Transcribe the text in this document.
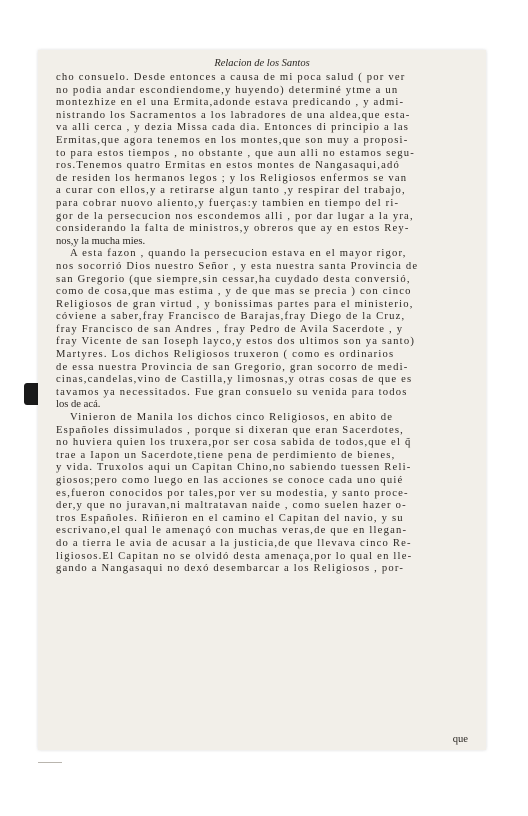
Relacion de los Santos
cho consuelo. Desde entonces a causa de mi poca salud ( por ver
no podia andar escondiendome,y huyendo) determiné ytme a un
montezhize en el una Ermita,adonde estava predicando , y admi-
nistrando los Sacramentos a los labradores de una aldea,que esta-
va alli cerca , y dezia Missa cada dia. Entonces di principio a las
Ermitas,que agora tenemos en los montes,que son muy a proposi-
to para estos tiempos , no obstante , que aun alli no estamos segu-
ros.Tenemos quatro Ermitas en estos montes de Nangasaqui,adó
de residen los hermanos legos ; y los Religiosos enfermos se van
a curar con ellos,y a retirarse algun tanto ,y respirar del trabajo,
para cobrar nuovo aliento,y fuerças:y tambien en tiempo del ri-
gor de la persecucion nos escondemos alli , por dar lugar a la yra,
considerando la falta de ministros,y obreros que ay en estos Rey-
nos,y la mucha mies.
A esta fazon , quando la persecucion estava en el mayor rigor,
nos socorrió Dios nuestro Señor , y esta nuestra santa Provincia de
san Gregorio (que siempre,sin cessar,ha cuydado desta conversió,
como de cosa,que mas estima , y de que mas se precia ) con cinco
Religiosos de gran virtud , y bonissimas partes para el ministerio,
cóviene a saber,fray Francisco de Barajas,fray Diego de la Cruz,
fray Francisco de san Andres , fray Pedro de Avila Sacerdote , y
fray Vicente de san Ioseph layco,y estos dos ultimos son ya santo)
Martyres. Los dichos Religiosos truxeron ( como es ordinarios
de essa nuestra Provincia de san Gregorio, gran socorro de medi-
cinas,candelas,vino de Castilla,y limosnas,y otras cosas de que es
tavamos ya necessitados. Fue gran consuelo su venida para todos
los de acá.
Vinieron de Manila los dichos cinco Religiosos, en abito de
Españoles dissimulados , porque si dixeran que eran Sacerdotes,
no huviera quien los truxera,por ser cosa sabida de todos,que el q̃
trae a Iapon un Sacerdote,tiene pena de perdimiento de bienes,
y vida. Truxolos aqui un Capitan Chino,no sabiendo tuessen Reli-
giosos;pero como luego en las acciones se conoce cada uno quié
es,fueron conocidos por tales,por ver su modestia, y santo proce-
der,y que no juravan,ni maltratavan naide , como suelen hazer o-
tros Españoles. Riñieron en el camino el Capitan del navio, y su
escrivano,el qual le amenaçó con muchas veras,de que en llegan-
do a tierra le avia de acusar a la justicia,de que llevava cinco Re-
ligiosos.El Capitan no se olvidó desta amenaça,por lo qual en lle-
gando a Nangasaqui no dexó desembarcar a los Religiosos , por-
que
